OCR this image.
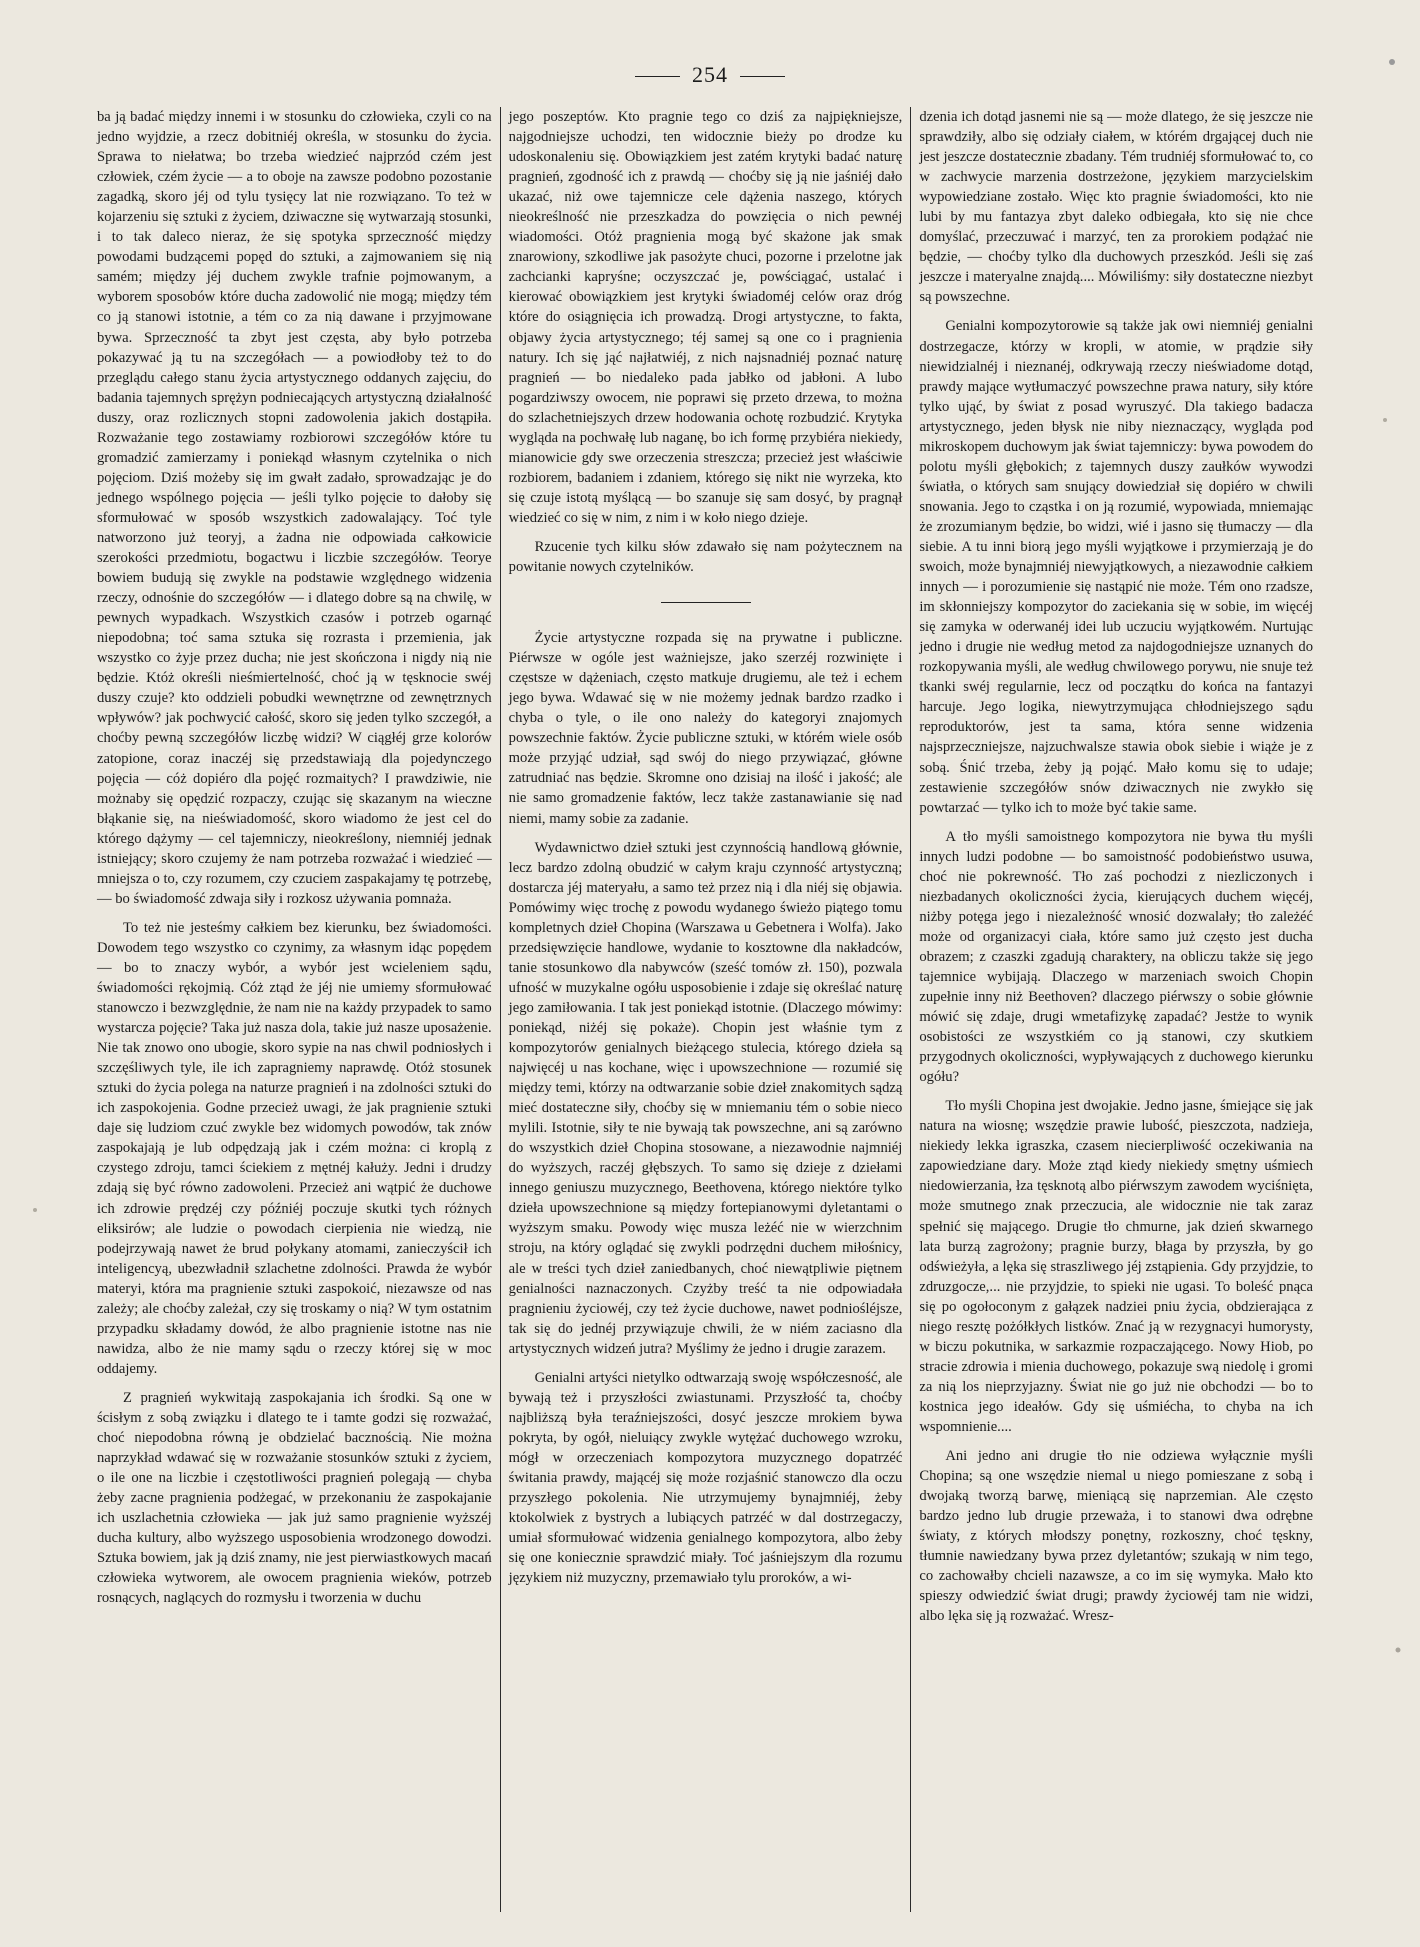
254

ba ją badać między innemi i w stosunku do człowieka, czyli co na jedno wyjdzie, a rzecz dobitniéj określa, w stosunku do życia. Sprawa to niełatwa; bo trzeba wiedzieć najprzód czém jest człowiek, czém życie — a to oboje na zawsze podobno pozostanie zagadką, skoro jéj od tylu tysięcy lat nie rozwiązano. To też w kojarzeniu się sztuki z życiem, dziwaczne się wytwarzają stosunki, i to tak daleco nieraz, że się spotyka sprzeczność między powodami budzącemi popęd do sztuki, a zajmowaniem się nią samém; między jéj duchem zwykle trafnie pojmowanym, a wyborem sposobów które ducha zadowolić nie mogą; między tém co ją stanowi istotnie, a tém co za nią dawane i przyjmowane bywa. Sprzeczność ta zbyt jest częsta, aby było potrzeba pokazywać ją tu na szczegółach — a powiodłoby też to do przeglądu całego stanu życia artystycznego oddanych zajęciu, do badania tajemnych sprężyn podniecających artystyczną działalność duszy, oraz rozlicznych stopni zadowolenia jakich dostąpiła. Rozważanie tego zostawiamy rozbiorowi szczegółów które tu gromadzić zamierzamy i poniekąd własnym czytelnika o nich pojęciom. Dziś możeby się im gwałt zadało, sprowadzając je do jednego wspólnego pojęcia — jeśli tylko pojęcie to dałoby się sformułować w sposób wszystkich zadowalający. Toć tyle natworzono już teoryj, a żadna nie odpowiada całkowicie szerokości przedmiotu, bogactwu i liczbie szczegółów. Teorye bowiem budują się zwykle na podstawie względnego widzenia rzeczy, odnośnie do szczegółów — i dlatego dobre są na chwilę, w pewnych wypadkach. Wszystkich czasów i potrzeb ogarnąć niepodobna; toć sama sztuka się rozrasta i przemienia, jak wszystko co żyje przez ducha; nie jest skończona i nigdy nią nie będzie. Któż określi nieśmiertelność, choć ją w tęsknocie swéj duszy czuje? kto oddzieli pobudki wewnętrzne od zewnętrznych wpływów? jak pochwycić całość, skoro się jeden tylko szczegół, a choćby pewną szczegółów liczbę widzi? W ciągłéj grze kolorów zatopione, coraz inaczéj się przedstawiają dla pojedynczego pojęcia — cóż dopiéro dla pojęć rozmaitych? I prawdziwie, nie możnaby się opędzić rozpaczy, czując się skazanym na wieczne błąkanie się, na nieświadomość, skoro wiadomo że jest cel do którego dążymy — cel tajemniczy, nieokreślony, niemniéj jednak istniejący; skoro czujemy że nam potrzeba rozważać i wiedzieć — mniejsza o to, czy rozumem, czy czuciem zaspakajamy tę potrzebę, — bo świadomość zdwaja siły i rozkosz używania pomnaża.

To też nie jesteśmy całkiem bez kierunku, bez świadomości. Dowodem tego wszystko co czynimy, za własnym idąc popędem — bo to znaczy wybór, a wybór jest wcieleniem sądu, świadomości rękojmią. Cóż ztąd że jéj nie umiemy sformułować stanowczo i bezwzględnie, że nam nie na każdy przypadek to samo wystarcza pojęcie? Taka już nasza dola, takie już nasze uposażenie. Nie tak znowo ono ubogie, skoro sypie na nas chwil podniosłych i szczęśliwych tyle, ile ich zapragniemy naprawdę. Otóż stosunek sztuki do życia polega na naturze pragnień i na zdolności sztuki do ich zaspokojenia. Godne przecież uwagi, że jak pragnienie sztuki daje się ludziom czuć zwykle bez widomych powodów, tak znów zaspokajają je lub odpędzają jak i czém można: ci kroplą z czystego zdroju, tamci ściekiem z mętnéj kałuży. Jedni i drudzy zdają się być równo zadowoleni. Przecież ani wątpić że duchowe ich zdrowie prędzéj czy późniéj poczuje skutki tych różnych eliksirów; ale ludzie o powodach cierpienia nie wiedzą, nie podejrzywają nawet że brud połykany atomami, zanieczyścił ich inteligencyą, ubezwładnił szlachetne zdolności. Prawda że wybór materyi, która ma pragnienie sztuki zaspokoić, niezawsze od nas zależy; ale choćby zależał, czy się troskamy o nią? W tym ostatnim przypadku składamy dowód, że albo pragnienie istotne nas nie nawidza, albo że nie mamy sądu o rzeczy której się w moc oddajemy.

Z pragnień wykwitają zaspokajania ich środki. Są one w ścisłym z sobą związku i dlatego te i tamte godzi się rozważać, choć niepodobna równą je obdzielać bacznością. Nie można naprzykład wdawać się w rozważanie stosunków sztuki z życiem, o ile one na liczbie i częstotliwości pragnień polegają — chyba żeby zacne pragnienia podżegać, w przekonaniu że zaspokajanie ich uszlachetnia człowieka — jak już samo pragnienie wyższéj ducha kultury, albo wyższego usposobienia wrodzonego dowodzi. Sztuka bowiem, jak ją dziś znamy, nie jest pierwiastkowych macań człowieka wytworem, ale owocem pragnienia wieków, potrzeb rosnących, naglących do rozmysłu i tworzenia w duchu

jego poszeptów. Kto pragnie tego co dziś za najpiękniejsze, najgodniejsze uchodzi, ten widocznie bieży po drodze ku udoskonaleniu się. Obowiązkiem jest zatém krytyki badać naturę pragnień, zgodność ich z prawdą — choćby się ją nie jaśniéj dało ukazać, niż owe tajemnicze cele dążenia naszego, których nieokreślność nie przeszkadza do powzięcia o nich pewnéj wiadomości. Otóż pragnienia mogą być skażone jak smak znarowiony, szkodliwe jak pasożyte chuci, pozorne i przelotne jak zachcianki kapryśne; oczyszczać je, powściągać, ustalać i kierować obowiązkiem jest krytyki świadoméj celów oraz dróg które do osiągnięcia ich prowadzą. Drogi artystyczne, to fakta, objawy życia artystycznego; téj samej są one co i pragnienia natury. Ich się jąć najłatwiéj, z nich najsnadniéj poznać naturę pragnień — bo niedaleko pada jabłko od jabłoni. A lubo pogardziwszy owocem, nie poprawi się przeto drzewa, to można do szlachetniejszych drzew hodowania ochotę rozbudzić. Krytyka wygląda na pochwałę lub naganę, bo ich formę przybiéra niekiedy, mianowicie gdy swe orzeczenia streszcza; przecież jest właściwie rozbiorem, badaniem i zdaniem, którego się nikt nie wyrzeka, kto się czuje istotą myślącą — bo szanuje się sam dosyć, by pragnął wiedzieć co się w nim, z nim i w koło niego dzieje.

Rzucenie tych kilku słów zdawało się nam pożytecznem na powitanie nowych czytelników.

Życie artystyczne rozpada się na prywatne i publiczne. Piérwsze w ogóle jest ważniejsze, jako szerzéj rozwinięte i częstsze w dążeniach, często matkuje drugiemu, ale też i echem jego bywa. Wdawać się w nie możemy jednak bardzo rzadko i chyba o tyle, o ile ono należy do kategoryi znajomych powszechnie faktów. Życie publiczne sztuki, w którém wiele osób może przyjąć udział, sąd swój do niego przywiązać, główne zatrudniać nas będzie. Skromne ono dzisiaj na ilość i jakość; ale nie samo gromadzenie faktów, lecz także zastanawianie się nad niemi, mamy sobie za zadanie.

Wydawnictwo dzieł sztuki jest czynnością handlową głównie, lecz bardzo zdolną obudzić w całym kraju czynność artystyczną; dostarcza jéj materyału, a samo też przez nią i dla niéj się objawia. Pomówimy więc trochę z powodu wydanego świeżo piątego tomu kompletnych dzieł Chopina (Warszawa u Gebetnera i Wolfa). Jako przedsięwzięcie handlowe, wydanie to kosztowne dla nakładców, tanie stosunkowo dla nabywców (sześć tomów zł. 150), pozwala ufność w muzykalne ogółu usposobienie i zdaje się określać naturę jego zamiłowania. I tak jest poniekąd istotnie. (Dlaczego mówimy: poniekąd, niżéj się pokaże). Chopin jest właśnie tym z kompozytorów genialnych bieżącego stulecia, którego dzieła są najwięcéj u nas kochane, więc i upowszechnione — rozumié się między temi, którzy na odtwarzanie sobie dzieł znakomitych sądzą mieć dostateczne siły, choćby się w mniemaniu tém o sobie nieco mylili. Istotnie, siły te nie bywają tak powszechne, ani są zarówno do wszystkich dzieł Chopina stosowane, a niezawodnie najmniéj do wyższych, raczéj głębszych. To samo się dzieje z dziełami innego geniuszu muzycznego, Beethovena, którego niektóre tylko dzieła upowszechnione są między fortepianowymi dyletantami o wyższym smaku. Powody więc musza leżéć nie w wierzchnim stroju, na który oglądać się zwykli podrzędni duchem miłośnicy, ale w treści tych dzieł zaniedbanych, choć niewątpliwie piętnem genialności naznaczonych. Czyżby treść ta nie odpowiadała pragnieniu życiowéj, czy też życie duchowe, nawet podniośléjsze, tak się do jednéj przywiązuje chwili, że w niém zaciasno dla artystycznych widzeń jutra? Myślimy że jedno i drugie zarazem.

Genialni artyści nietylko odtwarzają swoję współczesność, ale bywają też i przyszłości zwiastunami. Przyszłość ta, choćby najbliższą była teraźniejszości, dosyć jeszcze mrokiem bywa pokryta, by ogół, nieluiący zwykle wytężać duchowego wzroku, mógł w orzeczeniach kompozytora muzycznego dopatrzéć świtania prawdy, mającéj się może rozjaśnić stanowczo dla oczu przyszłego pokolenia. Nie utrzymujemy bynajmniéj, żeby ktokolwiek z bystrych a lubiących patrzéć w dal dostrzegaczy, umiał sformułować widzenia genialnego kompozytora, albo żeby się one koniecznie sprawdzić miały. Toć jaśniejszym dla rozumu językiem niż muzyczny, przemawiało tylu proroków, a wi-

dzenia ich dotąd jasnemi nie są — może dlatego, że się jeszcze nie sprawdziły, albo się odziały ciałem, w którém drgającej duch nie jest jeszcze dostatecznie zbadany. Tém trudniéj sformułować to, co w zachwycie marzenia dostrzeżone, językiem marzycielskim wypowiedziane zostało. Więc kto pragnie świadomości, kto nie lubi by mu fantazya zbyt daleko odbiegała, kto się nie chce domyślać, przeczuwać i marzyć, ten za prorokiem podążać nie będzie, — choćby tylko dla duchowych przeszkód. Jeśli się zaś jeszcze i materyalne znajdą.... Mówiliśmy: siły dostateczne niezbyt są powszechne.

Genialni kompozytorowie są także jak owi niemniéj genialni dostrzegacze, którzy w kropli, w atomie, w prądzie siły niewidzialnéj i nieznanéj, odkrywają rzeczy nieświadome dotąd, prawdy mające wytłumaczyć powszechne prawa natury, siły które tylko ująć, by świat z posad wyruszyć. Dla takiego badacza artystycznego, jeden błysk nie niby nieznaczący, wygląda pod mikroskopem duchowym jak świat tajemniczy: bywa powodem do polotu myśli głębokich; z tajemnych duszy zaułków wywodzi światła, o których sam snujący dowiedział się dopiéro w chwili snowania. Jego to cząstka i on ją rozumié, wypowiada, mniemając że zrozumianym będzie, bo widzi, wié i jasno się tłumaczy — dla siebie. A tu inni biorą jego myśli wyjątkowe i przymierzają je do swoich, może bynajmniéj niewyjątkowych, a niezawodnie całkiem innych — i porozumienie się nastąpić nie może. Tém ono rzadsze, im skłonniejszy kompozytor do zaciekania się w sobie, im więcéj się zamyka w oderwanéj idei lub uczuciu wyjątkowém. Nurtując jedno i drugie nie według metod za najdogodniejsze uznanych do rozkopywania myśli, ale według chwilowego porywu, nie snuje też tkanki swéj regularnie, lecz od początku do końca na fantazyi harcuje. Jego logika, niewytrzymująca chłodniejszego sądu reproduktorów, jest ta sama, która senne widzenia najsprzeczniejsze, najzuchwalsze stawia obok siebie i wiąże je z sobą. Śnić trzeba, żeby ją pojąć. Mało komu się to udaje; zestawienie szczegółów snów dziwacznych nie zwykło się powtarzać — tylko ich to może być takie same.

A tło myśli samoistnego kompozytora nie bywa tłu myśli innych ludzi podobne — bo samoistność podobieństwo usuwa, choć nie pokrewność. Tło zaś pochodzi z niezliczonych i niezbadanych okoliczności życia, kierujących duchem więcéj, niżby potęga jego i niezależność wnosić dozwalały; tło zależéć może od organizacyi ciała, które samo już często jest ducha obrazem; z czaszki zgadują charaktery, na obliczu także się jego tajemnice wybijają. Dlaczego w marzeniach swoich Chopin zupełnie inny niż Beethoven? dlaczego piérwszy o sobie głównie mówić się zdaje, drugi wmetafizykę zapadać? Jestże to wynik osobistości ze wszystkiém co ją stanowi, czy skutkiem przygodnych okoliczności, wypływających z duchowego kierunku ogółu?

Tło myśli Chopina jest dwojakie. Jedno jasne, śmiejące się jak natura na wiosnę; wszędzie prawie lubość, pieszczota, nadzieja, niekiedy lekka igraszka, czasem niecierpliwość oczekiwania na zapowiedziane dary. Może ztąd kiedy niekiedy smętny uśmiech niedowierzania, łza tęsknotą albo piérwszym zawodem wyciśnięta, może smutnego znak przeczucia, ale widocznie nie tak zaraz spełnić się mającego. Drugie tło chmurne, jak dzień skwarnego lata burzą zagrożony; pragnie burzy, błaga by przyszła, by go odświeżyła, a lęka się straszliwego jéj zstąpienia. Gdy przyjdzie, to zdruzgocze,... nie przyjdzie, to spieki nie ugasi. To boleść pnąca się po ogołoconym z gałązek nadziei pniu życia, obdzierająca z niego resztę pożółkłych listków. Znać ją w rezygnacyi humorysty, w biczu pokutnika, w sarkazmie rozpaczającego. Nowy Hiob, po stracie zdrowia i mienia duchowego, pokazuje swą niedolę i gromi za nią los nieprzyjazny. Świat nie go już nie obchodzi — bo to kostnica jego ideałów. Gdy się uśmiécha, to chyba na ich wspomnienie....

Ani jedno ani drugie tło nie odziewa wyłącznie myśli Chopina; są one wszędzie niemal u niego pomieszane z sobą i dwojaką tworzą barwę, mieniącą się naprzemian. Ale często bardzo jedno lub drugie przeważa, i to stanowi dwa odrębne światy, z których młodszy ponętny, rozkoszny, choć tęskny, tłumnie nawiedzany bywa przez dyletantów; szukają w nim tego, co zachowałby chcieli nazawsze, a co im się wymyka. Mało kto spieszy odwiedzić świat drugi; prawdy życiowéj tam nie widzi, albo lęka się ją rozważać. Wresz-
